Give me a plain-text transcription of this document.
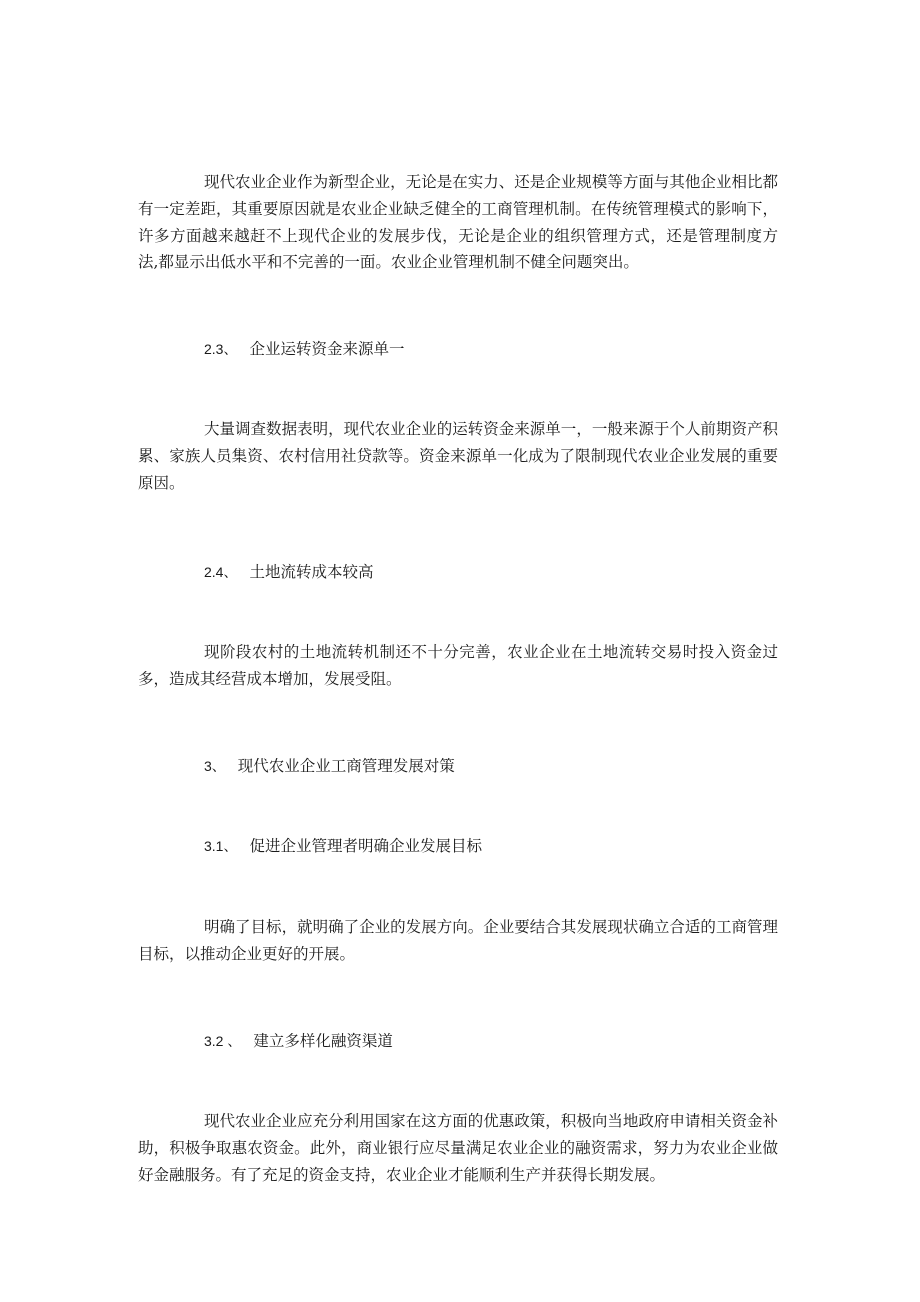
现代农业企业作为新型企业，无论是在实力、还是企业规模等方面与其他企业相比都有一定差距，其重要原因就是农业企业缺乏健全的工商管理机制。在传统管理模式的影响下，许多方面越来越赶不上现代企业的发展步伐，无论是企业的组织管理方式，还是管理制度方法,都显示出低水平和不完善的一面。农业企业管理机制不健全问题突出。

2.3、 企业运转资金来源单一

大量调查数据表明，现代农业企业的运转资金来源单一，一般来源于个人前期资产积累、家族人员集资、农村信用社贷款等。资金来源单一化成为了限制现代农业企业发展的重要原因。

2.4、 土地流转成本较高

现阶段农村的土地流转机制还不十分完善，农业企业在土地流转交易时投入资金过多，造成其经营成本增加，发展受阻。

3、 现代农业企业工商管理发展对策

3.1、 促进企业管理者明确企业发展目标

明确了目标，就明确了企业的发展方向。企业要结合其发展现状确立合适的工商管理目标，以推动企业更好的开展。

3.2 、 建立多样化融资渠道

现代农业企业应充分利用国家在这方面的优惠政策，积极向当地政府申请相关资金补助，积极争取惠农资金。此外，商业银行应尽量满足农业企业的融资需求，努力为农业企业做好金融服务。有了充足的资金支持，农业企业才能顺利生产并获得长期发展。
